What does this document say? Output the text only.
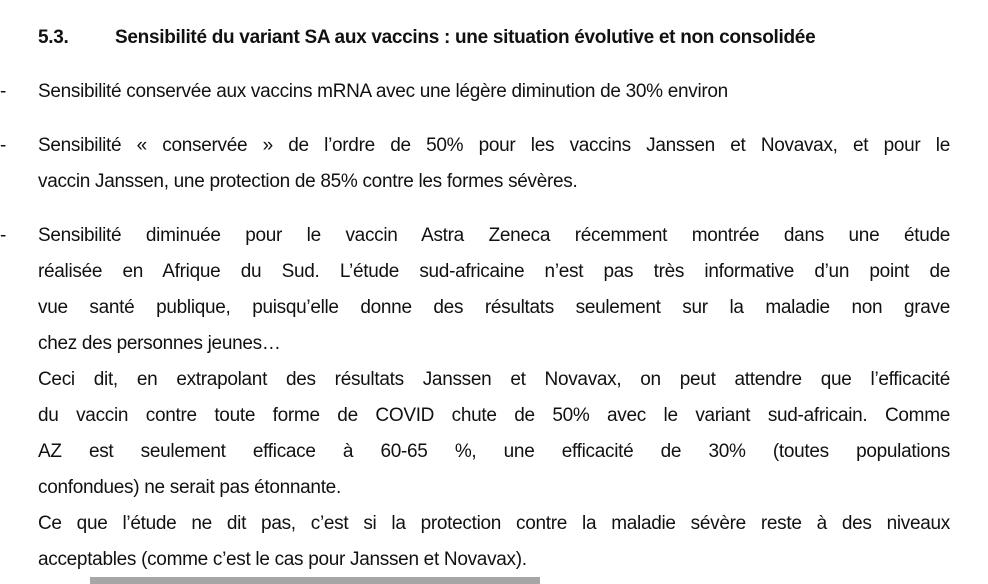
5.3.	Sensibilité du variant SA aux vaccins : une situation évolutive et non consolidée
- Sensibilité conservée aux vaccins mRNA avec une légère diminution de 30% environ
- Sensibilité « conservée » de l’ordre de 50% pour les vaccins Janssen et Novavax, et pour le
vaccin Janssen, une protection de 85% contre les formes sévères.
- Sensibilité diminuée pour le vaccin Astra Zeneca récemment montrée dans une étude
réalisée en Afrique du Sud. L’étude sud-africaine n’est pas très informative d’un point de
vue santé publique, puisqu’elle donne des résultats seulement sur la maladie non grave
chez des personnes jeunes…
Ceci dit, en extrapolant des résultats Janssen et Novavax, on peut attendre que l’efficacité
du vaccin contre toute forme de COVID chute de 50% avec le variant sud-africain. Comme
AZ est seulement efficace à 60-65 %, une efficacité de 30% (toutes populations
confondues) ne serait pas étonnante.
Ce que l’étude ne dit pas, c’est si la protection contre la maladie sévère reste à des niveaux
acceptables (comme c’est le cas pour Janssen et Novavax).
